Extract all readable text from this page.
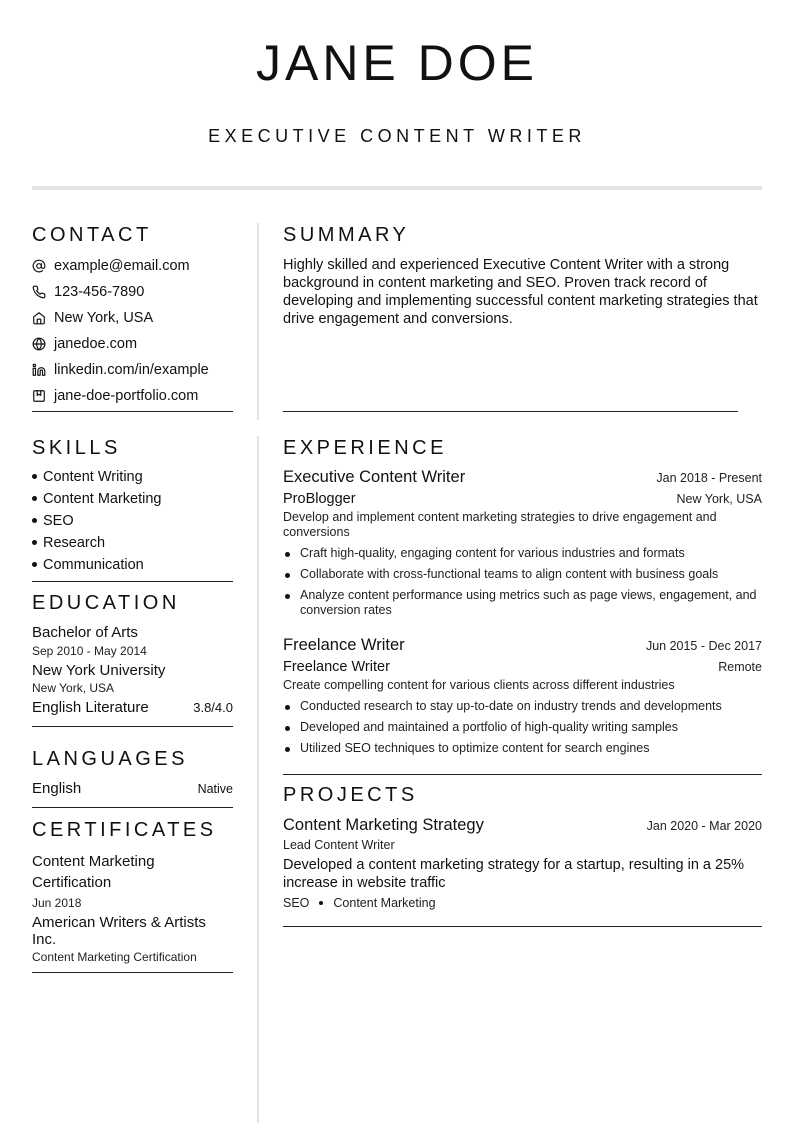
JANE DOE
EXECUTIVE CONTENT WRITER
CONTACT
example@email.com
123-456-7890
New York, USA
janedoe.com
linkedin.com/in/example
jane-doe-portfolio.com
SKILLS
Content Writing
Content Marketing
SEO
Research
Communication
EDUCATION
Bachelor of Arts
Sep 2010 - May 2014
New York University
New York, USA
English Literature	3.8/4.0
LANGUAGES
English	Native
CERTIFICATES
Content Marketing Certification
Jun 2018
American Writers & Artists Inc.
Content Marketing Certification
SUMMARY
Highly skilled and experienced Executive Content Writer with a strong background in content marketing and SEO. Proven track record of developing and implementing successful content marketing strategies that drive engagement and conversions.
EXPERIENCE
Executive Content Writer	Jan 2018 - Present
ProBlogger	New York, USA
Develop and implement content marketing strategies to drive engagement and conversions
Craft high-quality, engaging content for various industries and formats
Collaborate with cross-functional teams to align content with business goals
Analyze content performance using metrics such as page views, engagement, and conversion rates
Freelance Writer	Jun 2015 - Dec 2017
Freelance Writer	Remote
Create compelling content for various clients across different industries
Conducted research to stay up-to-date on industry trends and developments
Developed and maintained a portfolio of high-quality writing samples
Utilized SEO techniques to optimize content for search engines
PROJECTS
Content Marketing Strategy	Jan 2020 - Mar 2020
Lead Content Writer
Developed a content marketing strategy for a startup, resulting in a 25% increase in website traffic
SEO Content Marketing
